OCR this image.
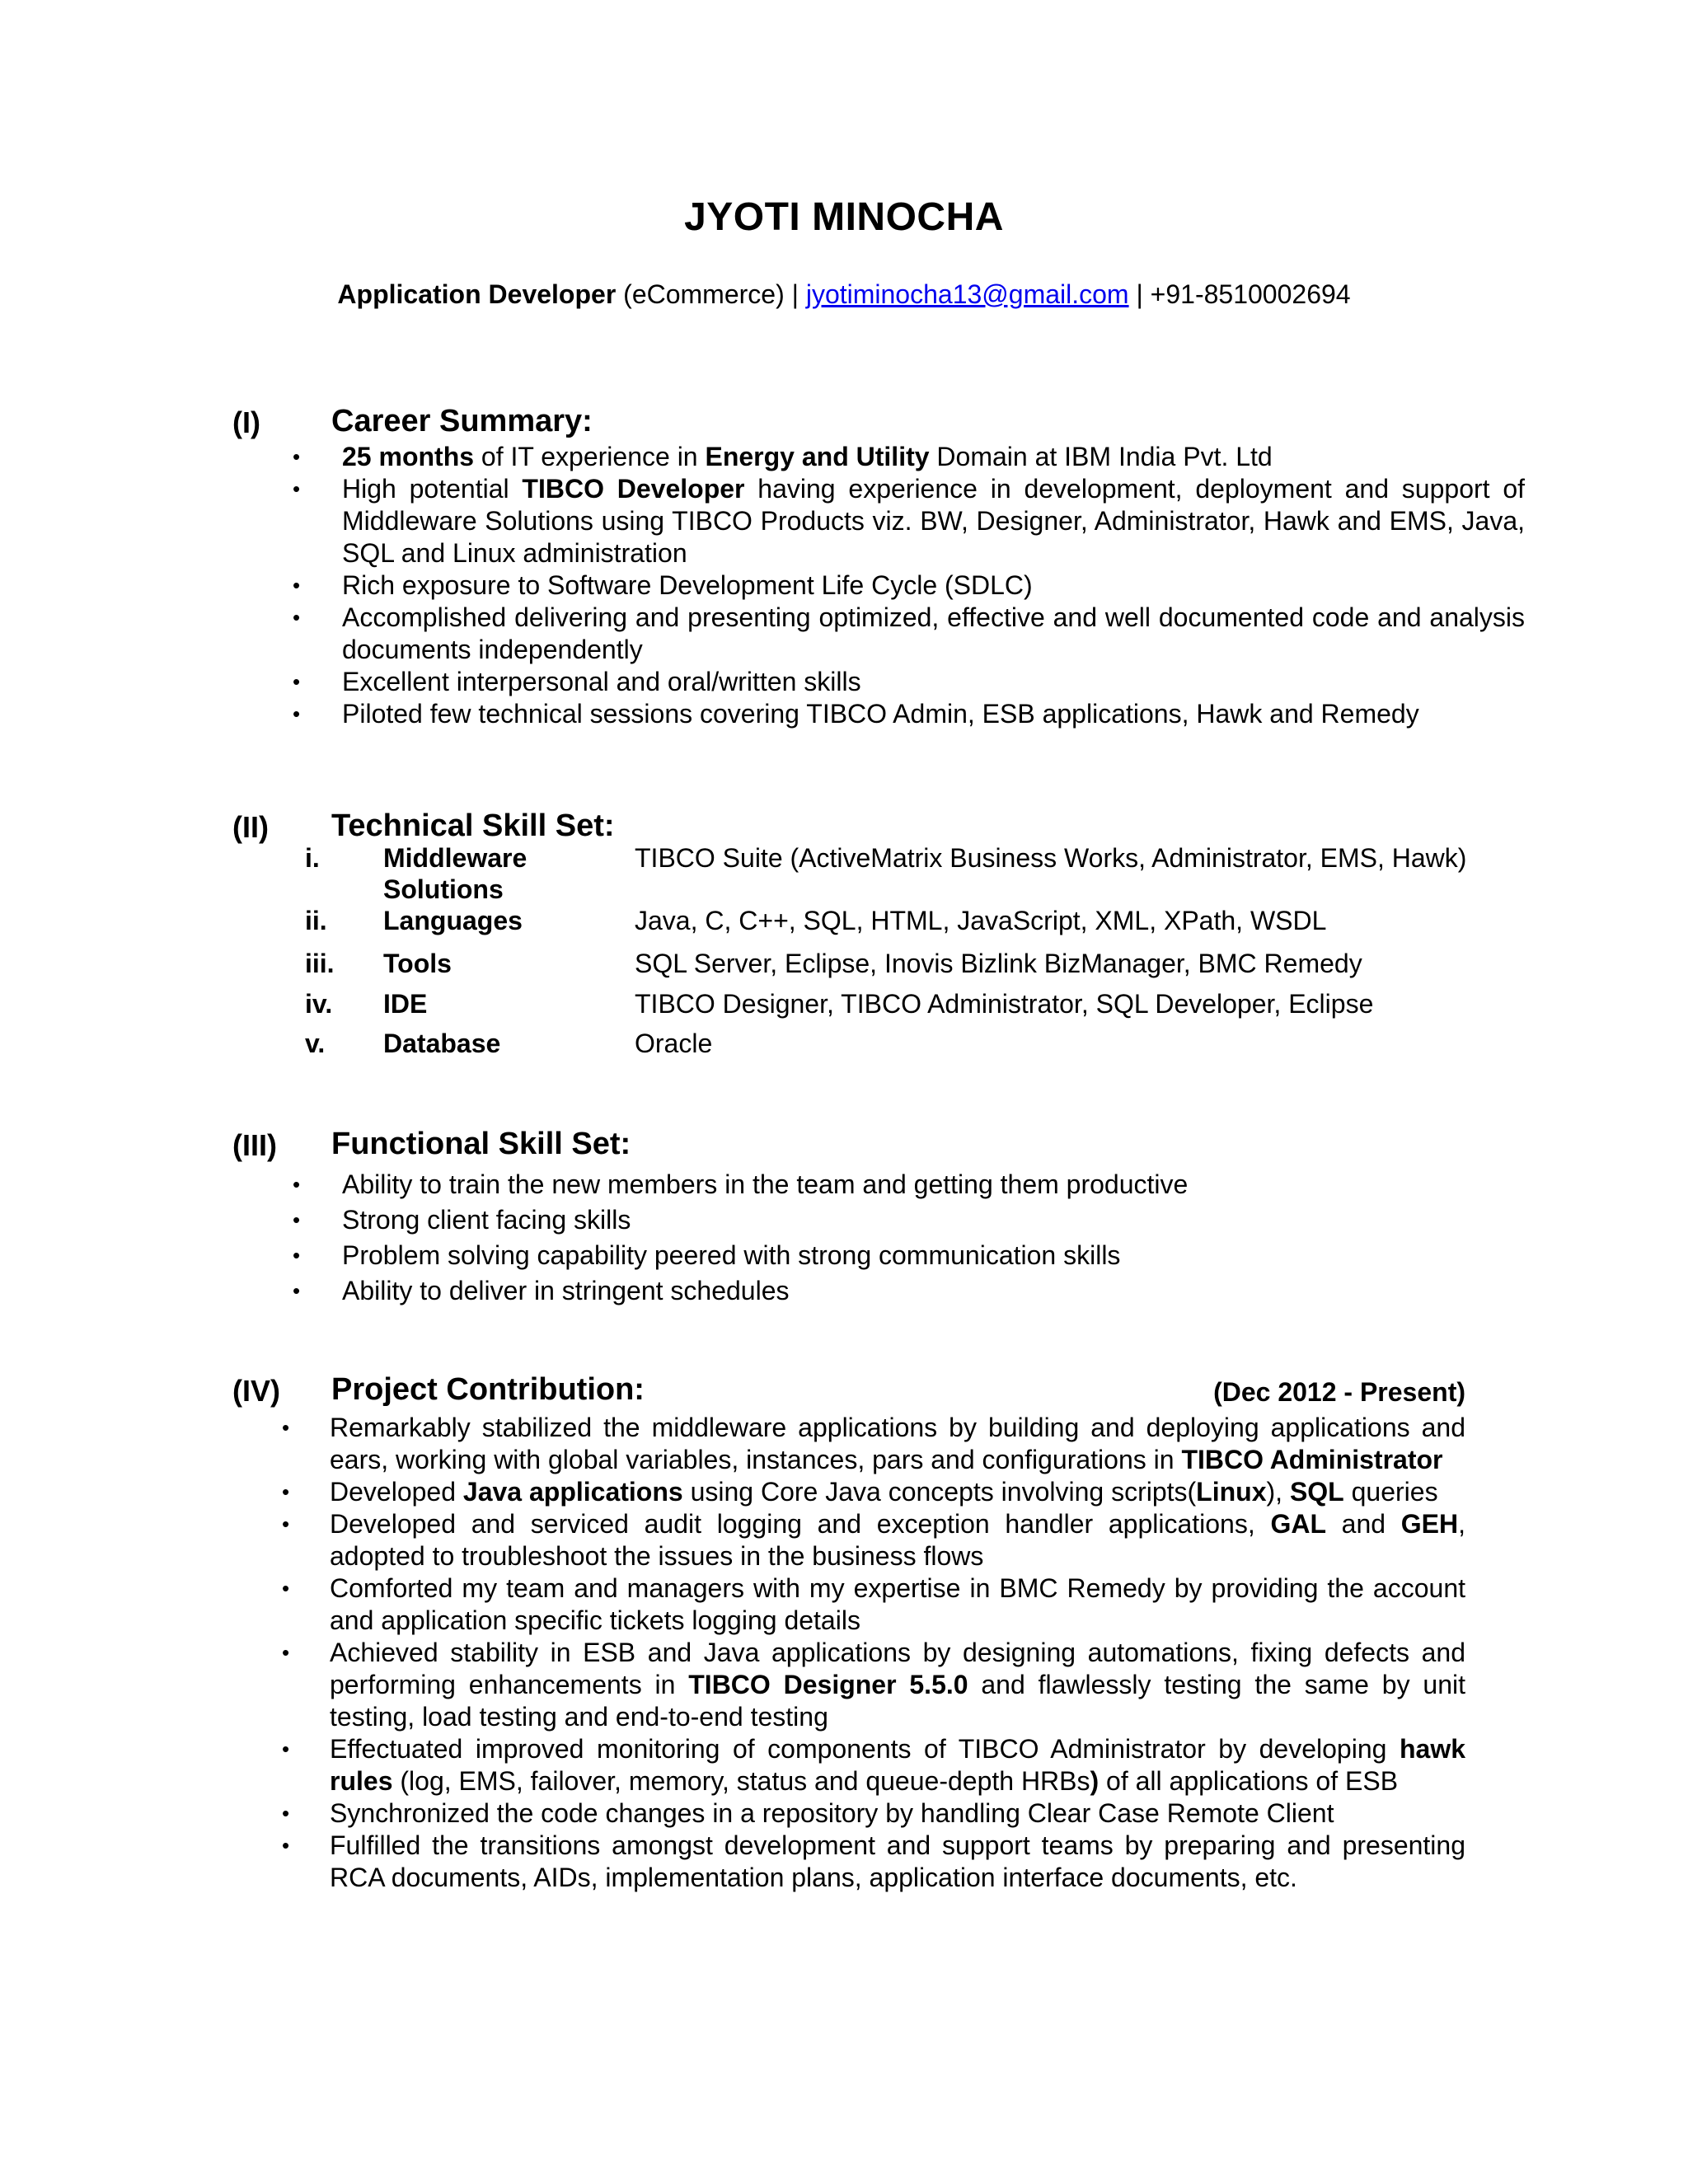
JYOTI MINOCHA
Application Developer (eCommerce) | jyotiminocha13@gmail.com | +91-8510002694
(I) Career Summary:
• 25 months of IT experience in Energy and Utility Domain at IBM India Pvt. Ltd
• High potential TIBCO Developer having experience in development, deployment and support of Middleware Solutions using TIBCO Products viz. BW, Designer, Administrator, Hawk and EMS, Java, SQL and Linux administration
• Rich exposure to Software Development Life Cycle (SDLC)
• Accomplished delivering and presenting optimized, effective and well documented code and analysis documents independently
• Excellent interpersonal and oral/written skills
• Piloted few technical sessions covering TIBCO Admin, ESB applications, Hawk and Remedy
(II) Technical Skill Set:
i.	Middleware Solutions	TIBCO Suite (ActiveMatrix Business Works, Administrator, EMS, Hawk)
ii.	Languages	Java, C, C++, SQL, HTML, JavaScript, XML, XPath, WSDL
iii.	Tools	SQL Server, Eclipse, Inovis Bizlink BizManager, BMC Remedy
iv.	IDE	TIBCO Designer, TIBCO Administrator, SQL Developer, Eclipse
v.	Database	Oracle
(III) Functional Skill Set:
• Ability to train the new members in the team and getting them productive
• Strong client facing skills
• Problem solving capability peered with strong communication skills
• Ability to deliver in stringent schedules
(IV) Project Contribution:	(Dec 2012 - Present)
• Remarkably stabilized the middleware applications by building and deploying applications and ears, working with global variables, instances, pars and configurations in TIBCO Administrator
• Developed Java applications using Core Java concepts involving scripts(Linux), SQL queries
• Developed and serviced audit logging and exception handler applications, GAL and GEH, adopted to troubleshoot the issues in the business flows
• Comforted my team and managers with my expertise in BMC Remedy by providing the account and application specific tickets logging details
• Achieved stability in ESB and Java applications by designing automations, fixing defects and performing enhancements in TIBCO Designer 5.5.0 and flawlessly testing the same by unit testing, load testing and end-to-end testing
• Effectuated improved monitoring of components of TIBCO Administrator by developing hawk rules (log, EMS, failover, memory, status and queue-depth HRBs) of all applications of ESB
• Synchronized the code changes in a repository by handling Clear Case Remote Client
• Fulfilled the transitions amongst development and support teams by preparing and presenting RCA documents, AIDs, implementation plans, application interface documents, etc.
